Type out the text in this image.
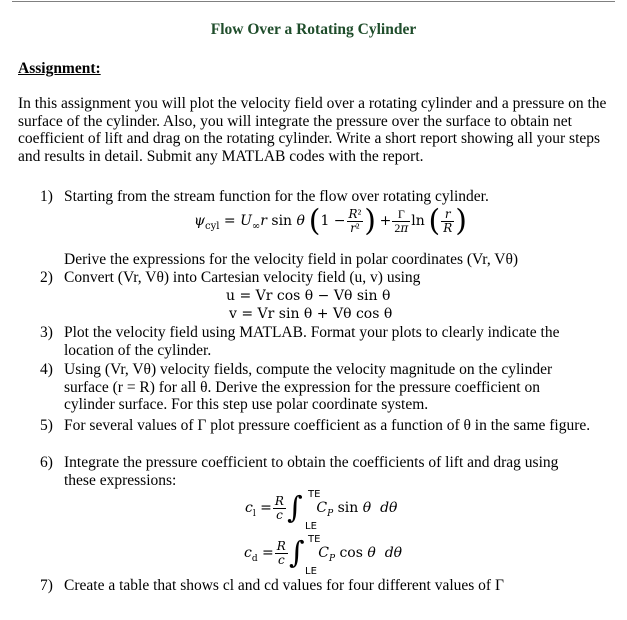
Flow Over a Rotating Cylinder
Assignment:
In this assignment you will plot the velocity field over a rotating cylinder and a pressure on the surface of the cylinder. Also, you will integrate the pressure over the surface to obtain net coefficient of lift and drag on the rotating cylinder. Write a short report showing all your steps and results in detail. Submit any MATLAB codes with the report.
1) Starting from the stream function for the flow over rotating cylinder.
$\psi_{cyl} = U_\infty r$ sin θ ($1 - \frac{\text{R²}}{\text{r²}}$ ) + $\frac{\Gamma}{2\pi}$ ln ( $\frac{r}{R}$ )
Derive the expressions for the velocity field in polar coordinates (Vr, Vθ)
2) Convert (Vr, Vθ) into Cartesian velocity field (u, v) using
u = Vr cos θ − Vθ sin θ
v = Vr sin θ + Vθ cos θ
3) Plot the velocity field using MATLAB. Format your plots to clearly indicate the location of the cylinder.
4) Using (Vr, Vθ) velocity fields, compute the velocity magnitude on the cylinder surface (r = R) for all θ. Derive the expression for the pressure coefficient on cylinder surface. For this step use polar coordinate system.
5) For several values of Γ plot pressure coefficient as a function of θ in the same figure.
6) Integrate the pressure coefficient to obtain the coefficients of lift and drag using these expressions:
$c_l = \frac{R}{c}$ ∫ $C_P$ sin θ dθ
TE
LE
$c_d = \frac{R}{c}$ ∫ $C_P$ cos θ dθ
TE
LE
7) Create a table that shows cl and cd values for four different values of Γ
